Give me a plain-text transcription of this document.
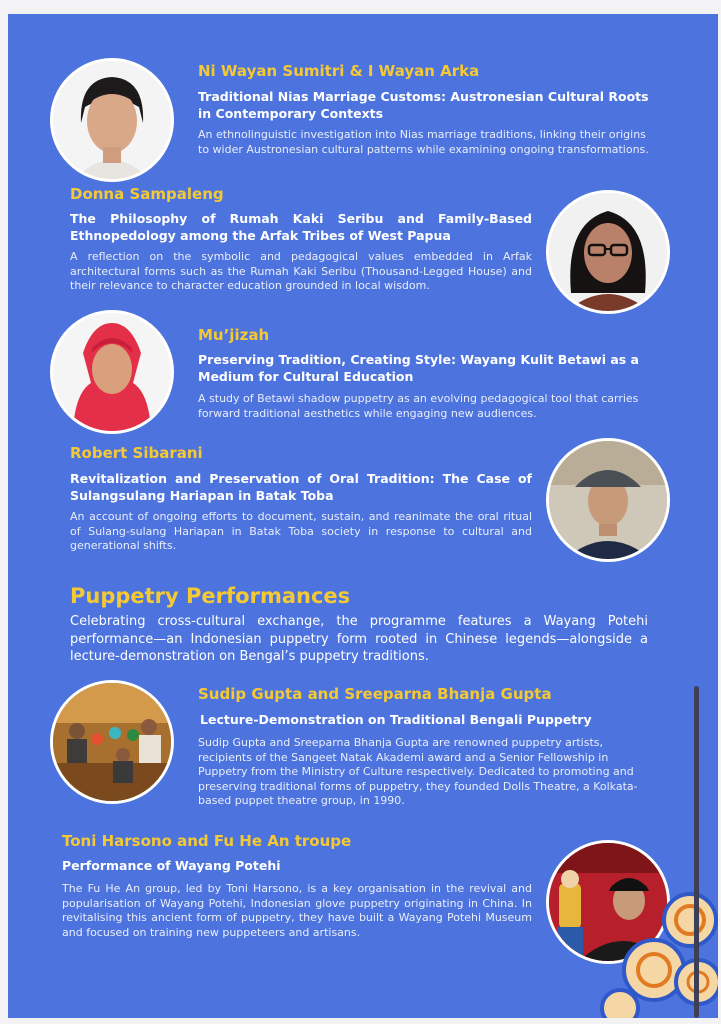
Ni Wayan Sumitri & I Wayan Arka
Traditional Nias Marriage Customs: Austronesian Cultural Roots in Contemporary Contexts
An ethnolinguistic investigation into Nias marriage traditions, linking their origins to wider Austronesian cultural patterns while examining ongoing transformations.
Donna Sampaleng
The Philosophy of Rumah Kaki Seribu and Family-Based Ethnopedology among the Arfak Tribes of West Papua
A reflection on the symbolic and pedagogical values embedded in Arfak architectural forms such as the Rumah Kaki Seribu (Thousand-Legged House) and their relevance to character education grounded in local wisdom.
Mu’jizah
Preserving Tradition, Creating Style: Wayang Kulit Betawi as a Medium for Cultural Education
A study of Betawi shadow puppetry as an evolving pedagogical tool that carries forward traditional aesthetics while engaging new audiences.
Robert Sibarani
Revitalization and Preservation of Oral Tradition: The Case of Sulangsulang Hariapan in Batak Toba
An account of ongoing efforts to document, sustain, and reanimate the oral ritual of Sulang-sulang Hariapan in Batak Toba society in response to cultural and generational shifts.
Puppetry Performances
Celebrating cross-cultural exchange, the programme features a Wayang Potehi performance—an Indonesian puppetry form rooted in Chinese legends—alongside a lecture-demonstration on Bengal’s puppetry traditions.
Sudip Gupta and Sreeparna Bhanja Gupta
Lecture-Demonstration on Traditional Bengali Puppetry
Sudip Gupta and Sreeparna Bhanja Gupta are renowned puppetry artists, recipients of the Sangeet Natak Akademi award and a Senior Fellowship in Puppetry from the Ministry of Culture respectively. Dedicated to promoting and preserving traditional forms of puppetry, they founded Dolls Theatre, a Kolkata-based puppet theatre group, in 1990.
Toni Harsono and Fu He An troupe
Performance of Wayang Potehi
The Fu He An group, led by Toni Harsono, is a key organisation in the revival and popularisation of Wayang Potehi, Indonesian glove puppetry originating in China. In revitalising this ancient form of puppetry, they have built a Wayang Potehi Museum and focused on training new puppeteers and artisans.
